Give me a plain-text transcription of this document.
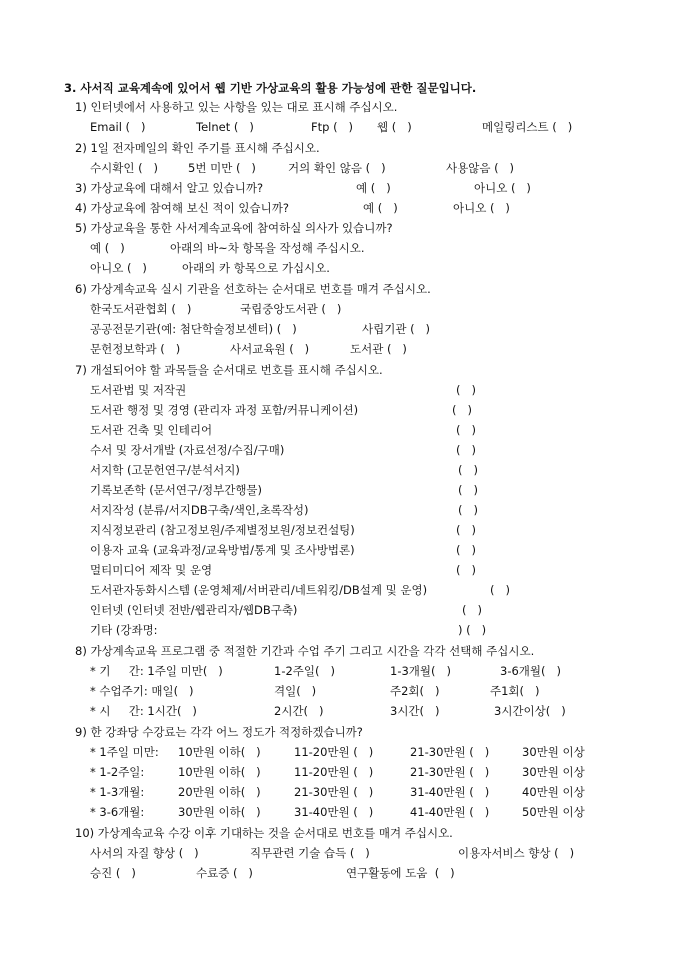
3. 사서직 교육계속에 있어서 웹 기반 가상교육의 활용 가능성에 관한 질문입니다.
1) 인터넷에서 사용하고 있는 사항을 있는 대로 표시해 주십시오.
Email (   )	Telnet (   )	Ftp (   ) 웹 (   )	메일링리스트 (   )
2) 1일 전자메일의 확인 주기를 표시해 주십시오.
수시확인 (   )	5번 미만 (   )	거의 확인 않음 (   )	사용않음 (   )
3) 가상교육에 대해서 알고 있습니까?	예 (   )	아니오 (   )
4) 가상교육에 참여해 보신 적이 있습니까?	예 (   )	아니오 (   )
5) 가상교육을 통한 사서계속교육에 참여하실 의사가 있습니까?
예 (   )	아래의 바~차 항목을 작성해 주십시오.
아니오 (   )	아래의 카 항목으로 가십시오.
6) 가상계속교육 실시 기관을 선호하는 순서대로 번호를 매겨 주십시오.
한국도서관협회 (   )	국립중앙도서관 (   )
공공전문기관(예: 첨단학술정보센터) (   )	사립기관 (   )
문헌정보학과 (   )	사서교육원 (   )	도서관 (   )
7) 개설되어야 할 과목들을 순서대로 번호를 표시해 주십시오.
도서관법 및 저작권	(   )
도서관 행정 및 경영 (관리자 과정 포함/커뮤니케이션)	(   )
도서관 건축 및 인테리어	(   )
수서 및 장서개발 (자료선정/수집/구매)	(   )
서지학 (고문헌연구/분석서지)	(   )
기록보존학 (문서연구/정부간행물)	(   )
서지작성 (분류/서지DB구축/색인,초록작성)	(   )
지식정보관리 (참고정보원/주제별정보원/정보컨설팅)	(   )
이용자 교육 (교육과정/교육방법/통계 및 조사방법론)	(   )
멀티미디어 제작 및 운영	(   )
도서관자동화시스템 (운영체제/서버관리/네트워킹/DB설계 및 운영)	(   )
인터넷 (인터넷 전반/웹관리자/웹DB구축)	(   )
기타 (강좌명:	) (   )
8) 가상계속교육 프로그램 중 적절한 기간과 수업 주기 그리고 시간을 각각 선택해 주십시오.
* 기     간: 1주일 미만(   )	1-2주일(   )	1-3개월(   )	3-6개월(   )
* 수업주기: 매일(   )	격일(   )	주2회(   )	주1회(   )
* 시     간: 1시간(   )	2시간(   )	3시간(   )	3시간이상(   )
9) 한 강좌당 수강료는 각각 어느 정도가 적정하겠습니까?
* 1주일 미만: 10만원 이하(   )	11-20만원 (   )	21-30만원 (   )	30만원 이상
* 1-2주일:	10만원 이하(   )	11-20만원 (   )	21-30만원 (   )	30만원 이상
* 1-3개월:	20만원 이하(   )	21-30만원 (   )	31-40만원 (   )	40만원 이상
* 3-6개월:	30만원 이하(   )	31-40만원 (   )	41-40만원 (   )	50만원 이상
10) 가상계속교육 수강 이후 기대하는 것을 순서대로 번호를 매겨 주십시오.
사서의 자질 향상 (   )	직무관련 기술 습득 (   )	이용자서비스 향상 (   )
승진 (   )	수료증 (   )	연구활동에 도움  (   )
